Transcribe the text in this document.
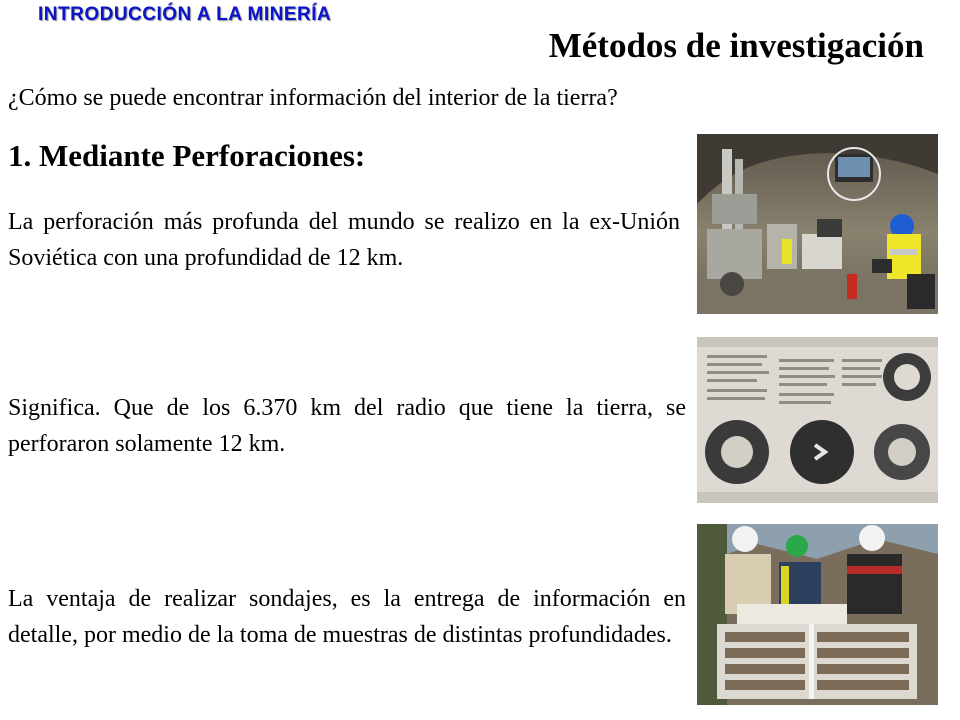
INTRODUCCIÓN A LA MINERÍA
Métodos de investigación
¿Cómo se puede encontrar información del interior de la tierra?
1. Mediante Perforaciones:
La perforación más profunda del mundo se realizo en la ex-Unión Soviética con una profundidad de 12 km.
Significa. Que de los 6.370 km del radio que tiene la tierra, se perforaron solamente 12 km.
La ventaja de realizar sondajes, es la entrega de información en detalle, por medio de la toma de muestras de distintas profundidades.
